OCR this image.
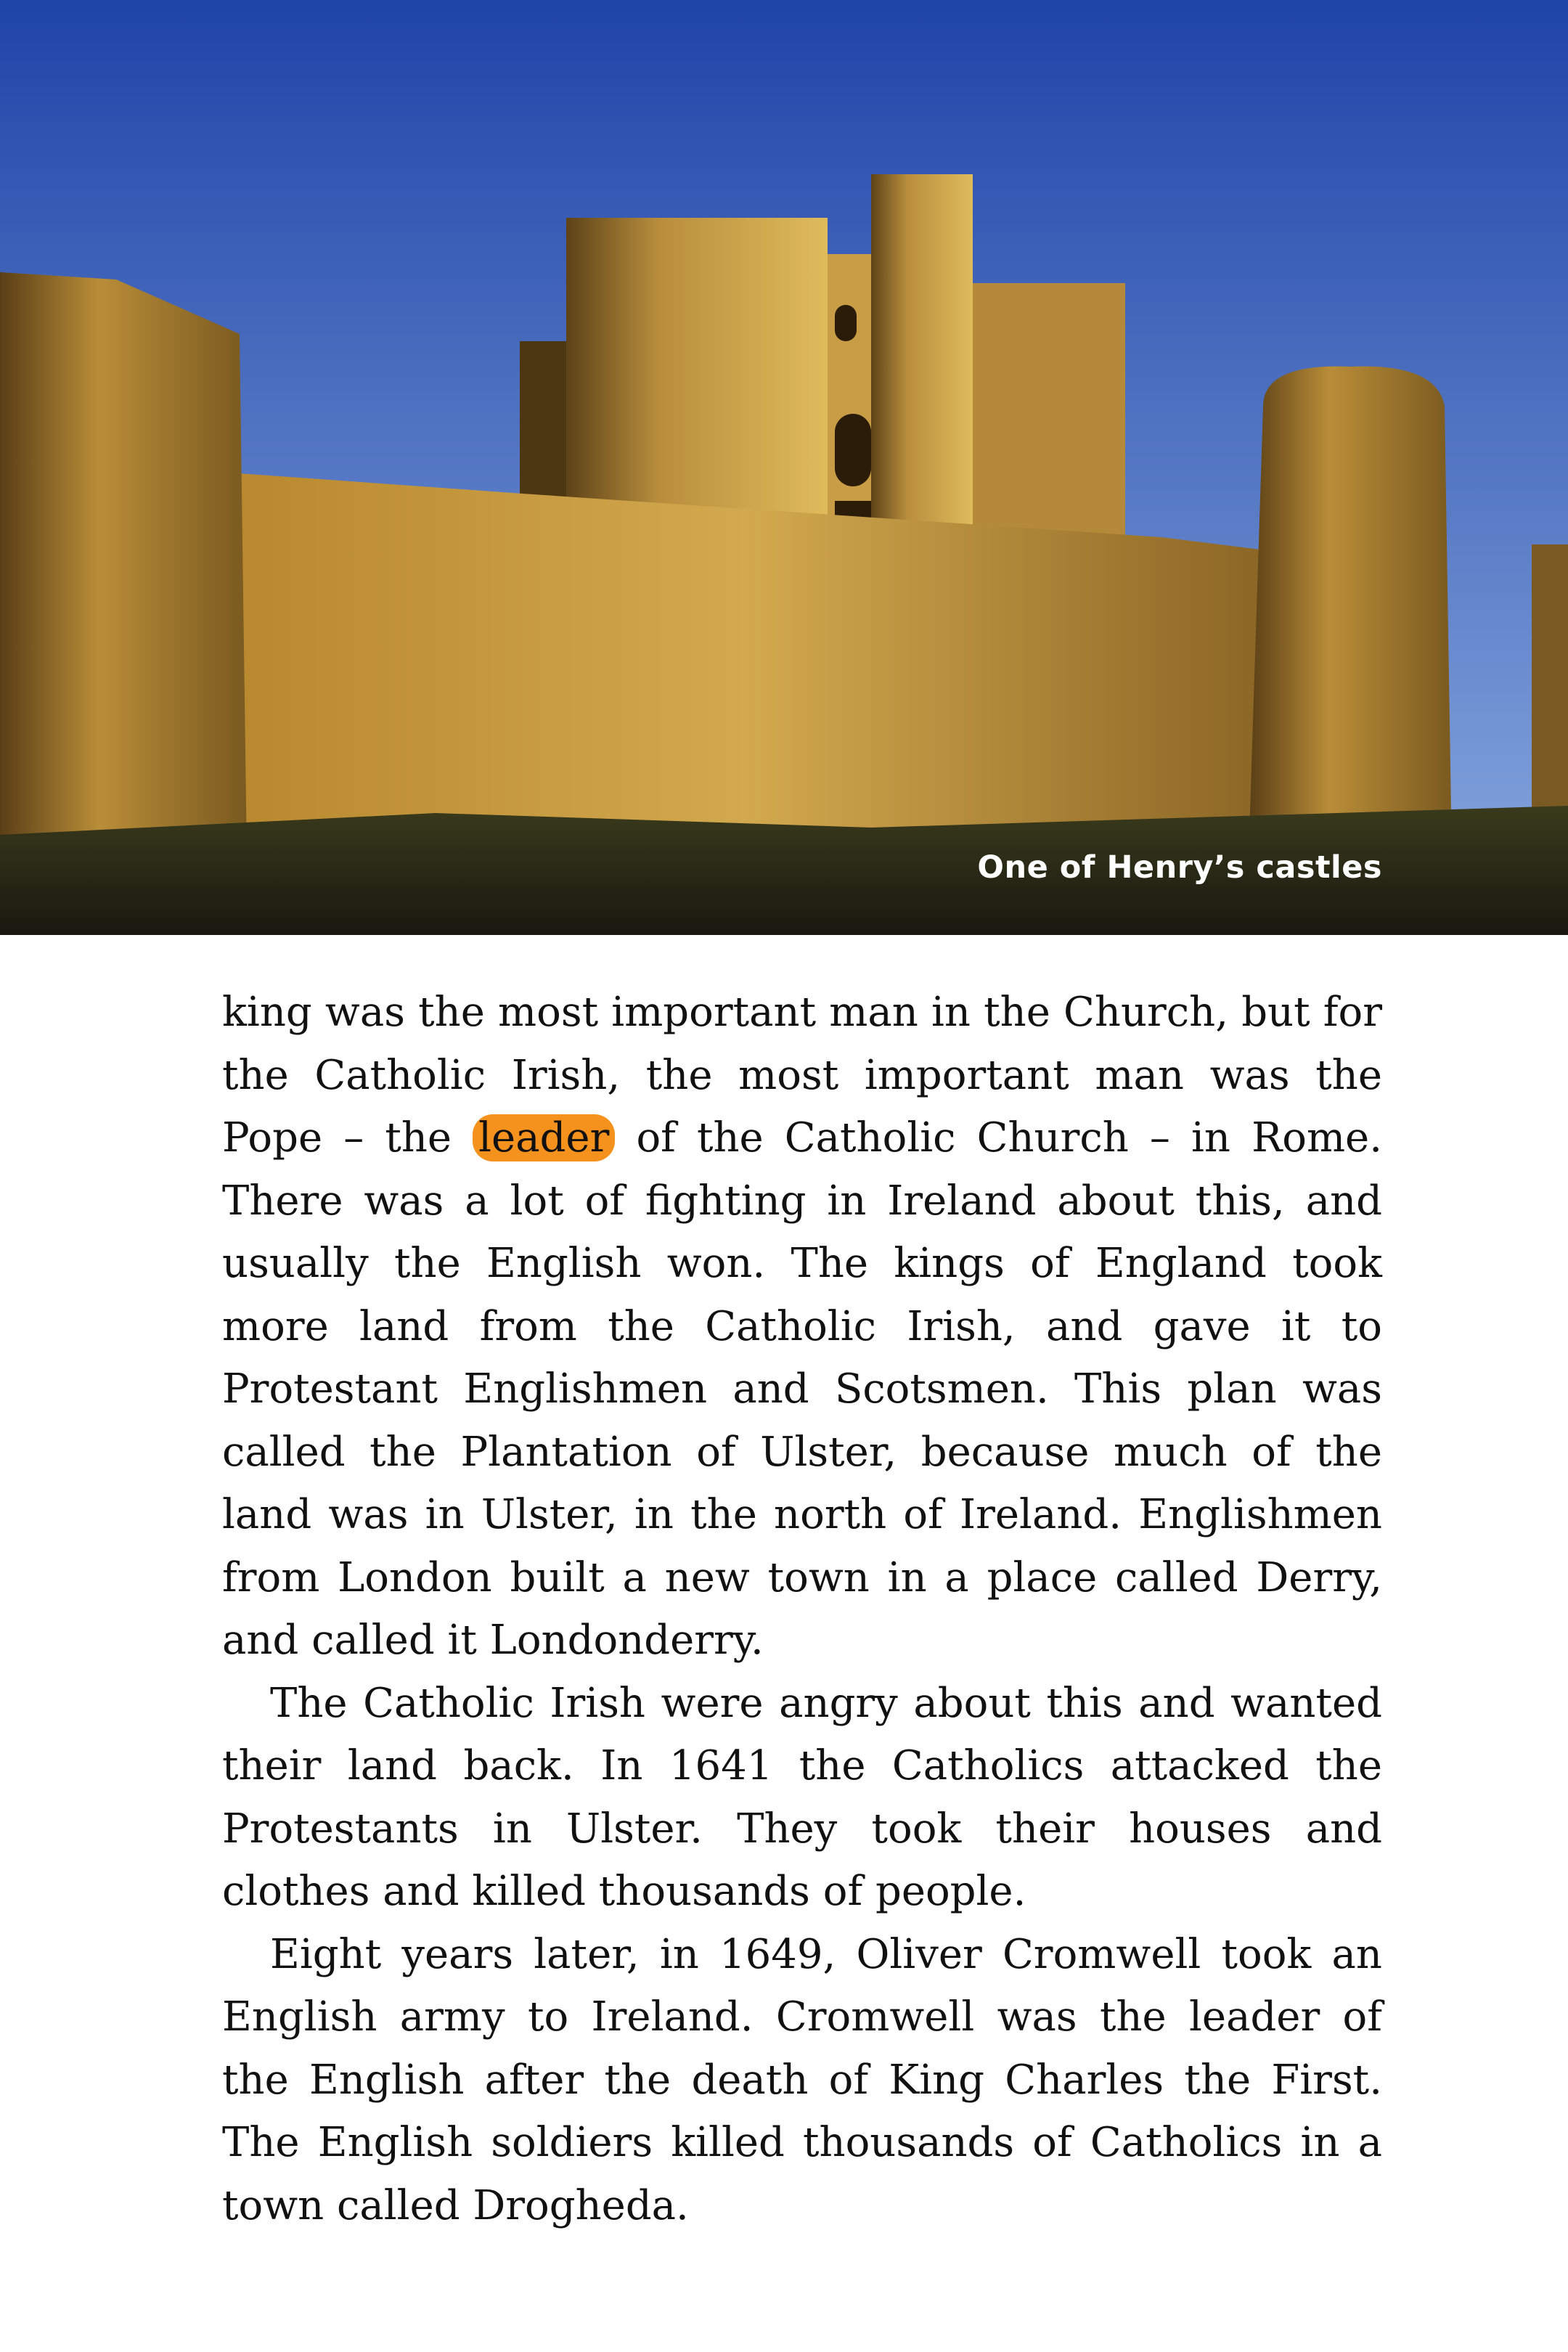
One of Henry’s castles

king was the most important man in the Church, but for the Catholic Irish, the most important man was the Pope – the leader of the Catholic Church – in Rome. There was a lot of fighting in Ireland about this, and usually the English won. The kings of England took more land from the Catholic Irish, and gave it to Protestant Englishmen and Scotsmen. This plan was called the Plantation of Ulster, because much of the land was in Ulster, in the north of Ireland. Englishmen from London built a new town in a place called Derry, and called it Londonderry.

The Catholic Irish were angry about this and wanted their land back. In 1641 the Catholics attacked the Protestants in Ulster. They took their houses and clothes and killed thousands of people.

Eight years later, in 1649, Oliver Cromwell took an English army to Ireland. Cromwell was the leader of the English after the death of King Charles the First. The English soldiers killed thousands of Catholics in a town called Drogheda.
